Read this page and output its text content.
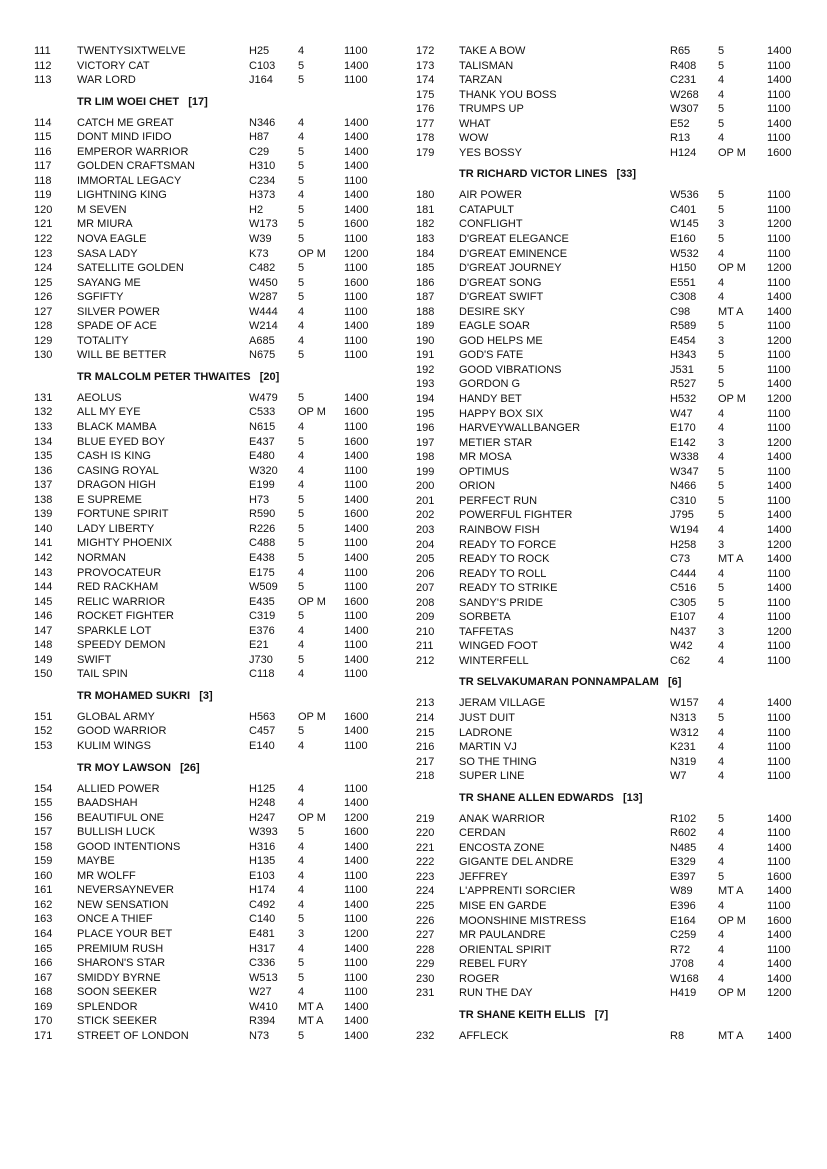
111 TWENTYSIXTWELVE	H25	4	1100
112 VICTORY CAT	C103 5	1400
113 WAR LORD	J164 5	1100
TR LIM WOEI CHET [17]
114 CATCH ME GREAT	N346 4	1400
115 DONT MIND IFIDO	H87	4	1400
116 EMPEROR WARRIOR	C29	5	1400
117 GOLDEN CRAFTSMAN	H310 5	1400
118 IMMORTAL LEGACY	C234 5	1100
119 LIGHTNING KING	H373 4	1400
120 M SEVEN	H2	5	1400
121 MR MIURA	W173 5	1600
122 NOVA EAGLE	W39 5	1100
123 SASA LADY	K73	OP M 1200
124 SATELLITE GOLDEN	C482 5	1100
125 SAYANG ME	W450 5	1600
126 SGFIFTY	W287 5	1100
127 SILVER POWER	W444 4	1100
128 SPADE OF ACE	W214 4	1400
129 TOTALITY	A685 4	1100
130 WILL BE BETTER	N675 5	1100
TR MALCOLM PETER THWAITES [20]
131 AEOLUS	W479 5	1400
132 ALL MY EYE	C533 OP M 1600
133 BLACK MAMBA	N615 4	1100
134 BLUE EYED BOY	E437 5	1600
135 CASH IS KING	E480 4	1400
136 CASING ROYAL	W320 4	1100
137 DRAGON HIGH	E199 4	1100
138 E SUPREME	H73	5	1400
139 FORTUNE SPIRIT	R590 5	1600
140 LADY LIBERTY	R226 5	1400
141 MIGHTY PHOENIX	C488 5	1100
142 NORMAN	E438 5	1400
143 PROVOCATEUR	E175 4	1100
144 RED RACKHAM	W509 5	1100
145 RELIC WARRIOR	E435 OP M 1600
146 ROCKET FIGHTER	C319 5	1100
147 SPARKLE LOT	E376 4	1400
148 SPEEDY DEMON	E21	4	1100
149 SWIFT	J730 5	1400
150 TAIL SPIN	C118 4	1100
TR MOHAMED SUKRI [3]
151 GLOBAL ARMY	H563 OP M 1600
152 GOOD WARRIOR	C457 5	1400
153 KULIM WINGS	E140 4	1100
TR MOY LAWSON [26]
154 ALLIED POWER	H125 4	1100
155 BAADSHAH	H248 4	1400
156 BEAUTIFUL ONE	H247 OP M 1200
157 BULLISH LUCK	W393 5	1600
158 GOOD INTENTIONS	H316 4	1400
159 MAYBE	H135 4	1400
160 MR WOLFF	E103 4	1100
161 NEVERSAYNEVER	H174 4	1100
162 NEW SENSATION	C492 4	1400
163 ONCE A THIEF	C140 5	1100
164 PLACE YOUR BET	E481 3	1200
165 PREMIUM RUSH	H317 4	1400
166 SHARON'S STAR	C336 5	1100
167 SMIDDY BYRNE	W513 5	1100
168 SOON SEEKER	W27 4	1100
169 SPLENDOR	W410 MT A 1400
170 STICK SEEKER	R394 MT A 1400
171 STREET OF LONDON	N73	5	1400
172 TAKE A BOW	R65	5	1400
173 TALISMAN	R408 5	1100
174 TARZAN	C231 4	1400
175 THANK YOU BOSS	W268 4	1100
176 TRUMPS UP	W307 5	1100
177 WHAT	E52	5	1400
178 WOW	R13	4	1100
179 YES BOSSY	H124 OP M 1600
TR RICHARD VICTOR LINES [33]
180 AIR POWER	W536 5	1100
181 CATAPULT	C401 5	1100
182 CONFLIGHT	W145 3	1200
183 D'GREAT ELEGANCE	E160 5	1100
184 D'GREAT EMINENCE	W532 4	1100
185 D'GREAT JOURNEY	H150 OP M 1200
186 D'GREAT SONG	E551 4	1100
187 D'GREAT SWIFT	C308 4	1400
188 DESIRE SKY	C98	MT A 1400
189 EAGLE SOAR	R589 5	1100
190 GOD HELPS ME	E454 3	1200
191 GOD'S FATE	H343 5	1100
192 GOOD VIBRATIONS	J531 5	1100
193 GORDON G	R527 5	1400
194 HANDY BET	H532 OP M 1200
195 HAPPY BOX SIX	W47 4	1100
196 HARVEYWALLBANGER	E170 4	1100
197 METIER STAR	E142 3	1200
198 MR MOSA	W338 4	1400
199 OPTIMUS	W347 5	1100
200 ORION	N466 5	1400
201 PERFECT RUN	C310 5	1100
202 POWERFUL FIGHTER	J795 5	1400
203 RAINBOW FISH	W194 4	1400
204 READY TO FORCE	H258 3	1200
205 READY TO ROCK	C73	MT A 1400
206 READY TO ROLL	C444 4	1100
207 READY TO STRIKE	C516 5	1400
208 SANDY'S PRIDE	C305 5	1100
209 SORBETA	E107 4	1100
210 TAFFETAS	N437 3	1200
211 WINGED FOOT	W42 4	1100
212 WINTERFELL	C62	4	1100
TR SELVAKUMARAN PONNAMPALAM [6]
213 JERAM VILLAGE	W157 4	1400
214 JUST DUIT	N313 5	1100
215 LADRONE	W312 4	1100
216 MARTIN VJ	K231 4	1100
217 SO THE THING	N319 4	1100
218 SUPER LINE	W7	4	1100
TR SHANE ALLEN EDWARDS [13]
219 ANAK WARRIOR	R102 5	1400
220 CERDAN	R602 4	1100
221 ENCOSTA ZONE	N485 4	1400
222 GIGANTE DEL ANDRE	E329 4	1100
223 JEFFREY	E397 5	1600
224 L'APPRENTI SORCIER	W89 MT A 1400
225 MISE EN GARDE	E396 4	1100
226 MOONSHINE MISTRESS	E164 OP M 1600
227 MR PAULANDRE	C259 4	1400
228 ORIENTAL SPIRIT	R72	4	1100
229 REBEL FURY	J708 4	1400
230 ROGER	W168 4	1400
231 RUN THE DAY	H419 OP M 1200
TR SHANE KEITH ELLIS [7]
232 AFFLECK	R8	MT A 1400
